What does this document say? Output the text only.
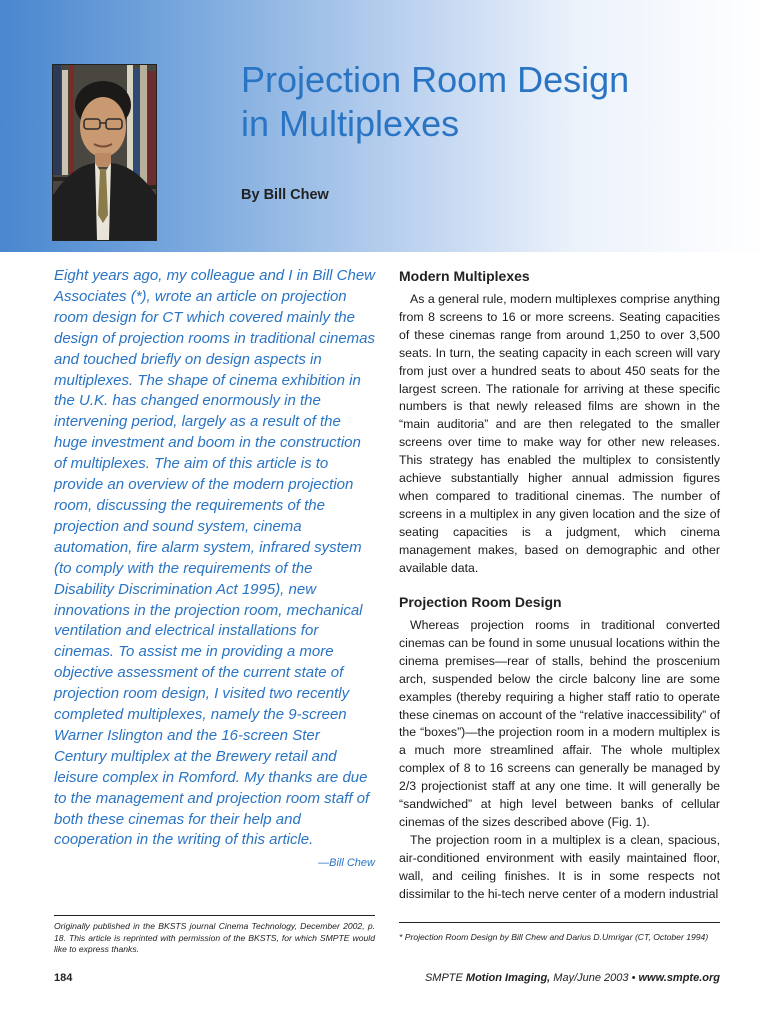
Projection Room Design
in Multiplexes
By Bill Chew
Eight years ago, my colleague and I in Bill Chew Associates (*), wrote an article on projection room design for CT which covered mainly the design of projection rooms in traditional cinemas and touched briefly on design aspects in multiplexes. The shape of cinema exhibition in the U.K. has changed enormously in the intervening period, largely as a result of the huge investment and boom in the construction of multiplexes. The aim of this article is to provide an overview of the modern projection room, discussing the requirements of the projection and sound system, cinema automation, fire alarm system, infrared system (to comply with the requirements of the Disability Discrimination Act 1995), new innovations in the projection room, mechanical ventilation and electrical installations for cinemas. To assist me in providing a more objective assessment of the current state of projection room design, I visited two recently completed multiplexes, namely the 9-screen Warner Islington and the 16-screen Ster Century multiplex at the Brewery retail and leisure complex in Romford. My thanks are due to the management and projection room staff of both these cinemas for their help and cooperation in the writing of this article.
—Bill Chew
Modern Multiplexes

As a general rule, modern multiplexes comprise anything from 8 screens to 16 or more screens. Seating capacities of these cinemas range from around 1,250 to over 3,500 seats. In turn, the seating capacity in each screen will vary from just over a hundred seats to about 450 seats for the largest screen. The rationale for arriving at these specific numbers is that newly released films are shown in the “main auditoria” and are then relegated to the smaller screens over time to make way for other new releases. This strategy has enabled the multiplex to consistently achieve substantially higher annual admission figures when compared to traditional cinemas. The number of screens in a multiplex in any given location and the size of seating capacities is a judgment, which cinema management makes, based on demographic and other available data.

Projection Room Design

Whereas projection rooms in traditional converted cinemas can be found in some unusual locations within the cinema premises—rear of stalls, behind the proscenium arch, suspended below the circle balcony line are some examples (thereby requiring a higher staff ratio to operate these cinemas on account of the “relative inaccessibility” of the “boxes”)—the projection room in a modern multiplex is a much more streamlined affair. The whole multiplex complex of 8 to 16 screens can generally be managed by 2/3 projectionist staff at any one time. It will generally be “sandwiched” at high level between banks of cellular cinemas of the sizes described above (Fig. 1).

The projection room in a multiplex is a clean, spacious, air-conditioned environment with easily maintained floor, wall, and ceiling finishes. It is in some respects not dissimilar to the hi-tech nerve center of a modern industrial

Originally published in the BKSTS journal Cinema Technology, December 2002, p. 18. This article is reprinted with permission of the BKSTS, for which SMPTE would like to express thanks.
* Projection Room Design by Bill Chew and Darius D.Umrigar (CT, October 1994)
184	SMPTE Motion Imaging, May/June 2003 • www.smpte.org
